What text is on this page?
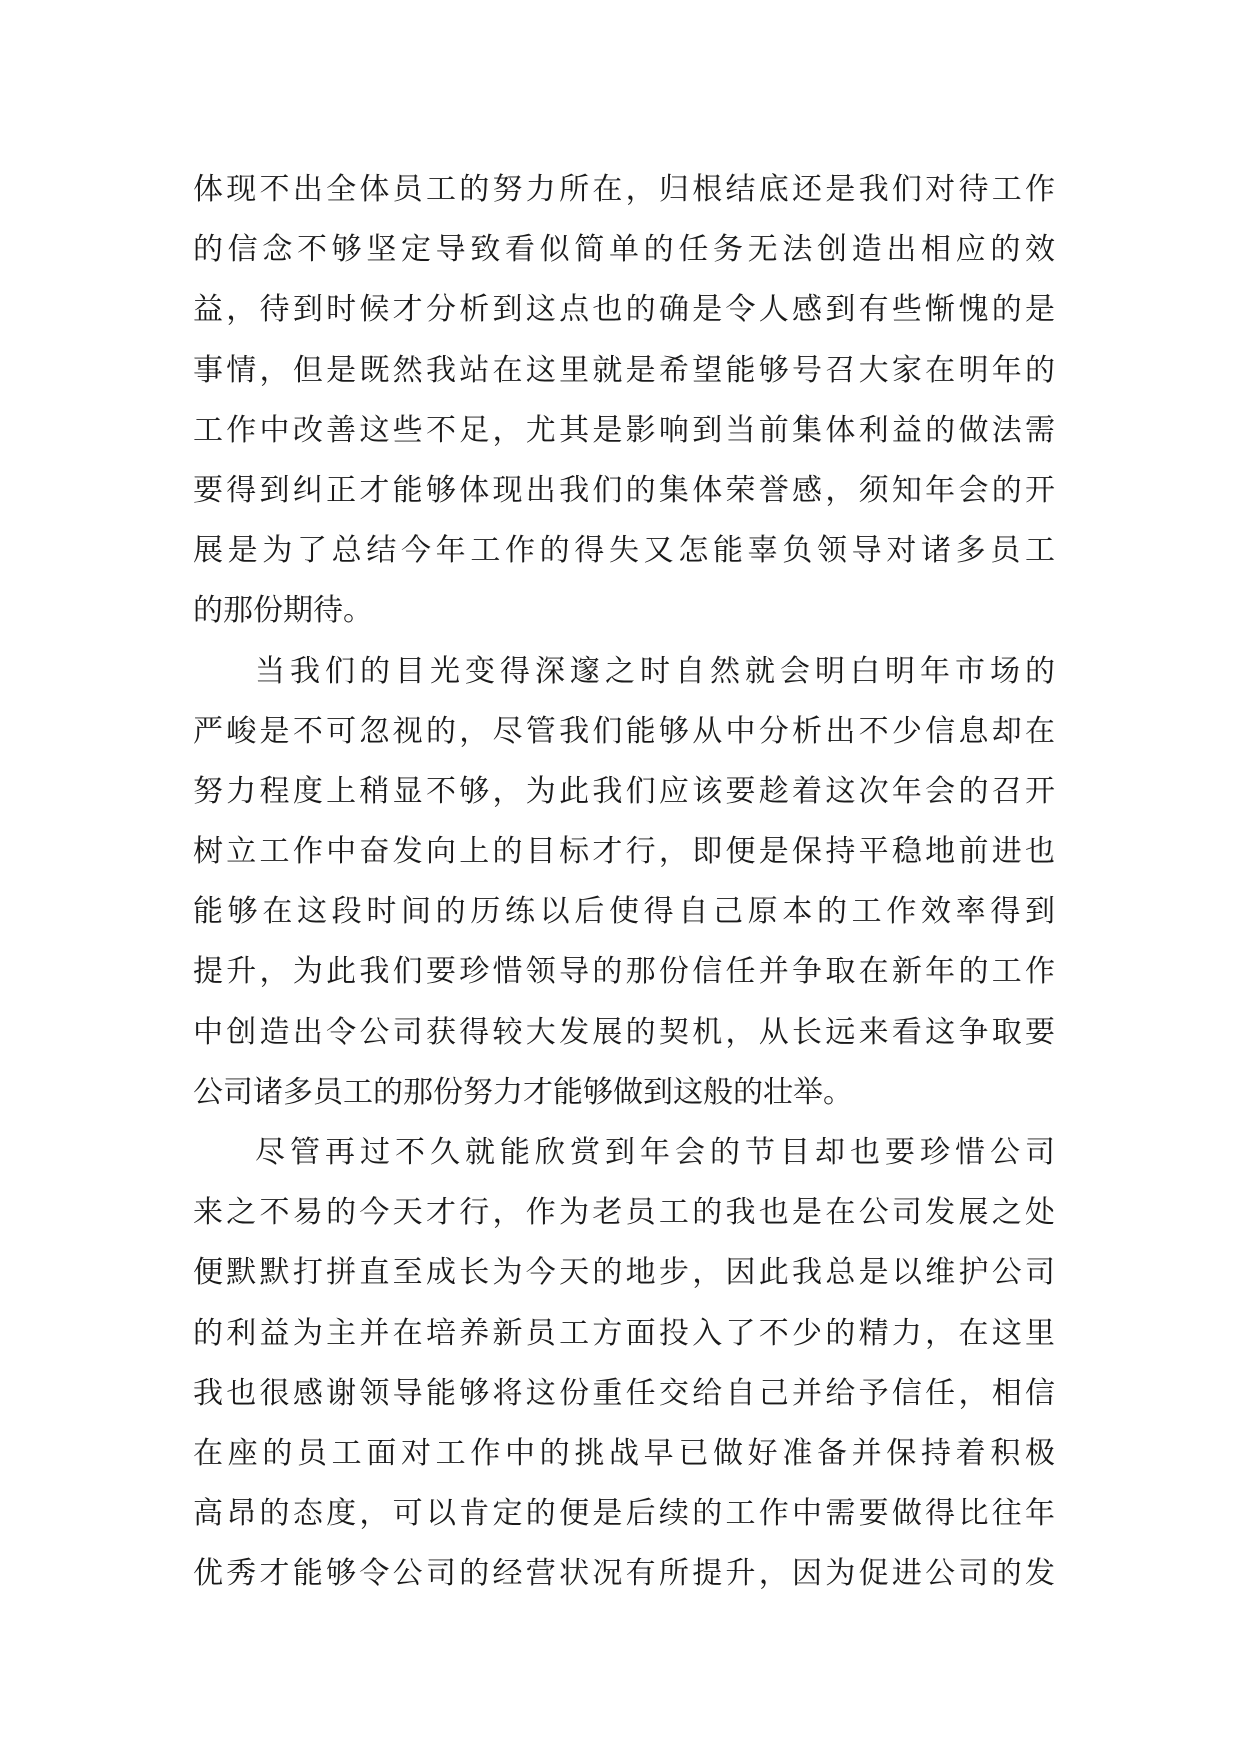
体现不出全体员工的努力所在，归根结底还是我们对待工作
的信念不够坚定导致看似简单的任务无法创造出相应的效
益，待到时候才分析到这点也的确是令人感到有些惭愧的是
事情，但是既然我站在这里就是希望能够号召大家在明年的
工作中改善这些不足，尤其是影响到当前集体利益的做法需
要得到纠正才能够体现出我们的集体荣誉感，须知年会的开
展是为了总结今年工作的得失又怎能辜负领导对诸多员工
的那份期待。
当我们的目光变得深邃之时自然就会明白明年市场的
严峻是不可忽视的，尽管我们能够从中分析出不少信息却在
努力程度上稍显不够，为此我们应该要趁着这次年会的召开
树立工作中奋发向上的目标才行，即便是保持平稳地前进也
能够在这段时间的历练以后使得自己原本的工作效率得到
提升，为此我们要珍惜领导的那份信任并争取在新年的工作
中创造出令公司获得较大发展的契机，从长远来看这争取要
公司诸多员工的那份努力才能够做到这般的壮举。
尽管再过不久就能欣赏到年会的节目却也要珍惜公司
来之不易的今天才行，作为老员工的我也是在公司发展之处
便默默打拼直至成长为今天的地步，因此我总是以维护公司
的利益为主并在培养新员工方面投入了不少的精力，在这里
我也很感谢领导能够将这份重任交给自己并给予信任，相信
在座的员工面对工作中的挑战早已做好准备并保持着积极
高昂的态度，可以肯定的便是后续的工作中需要做得比往年
优秀才能够令公司的经营状况有所提升，因为促进公司的发
